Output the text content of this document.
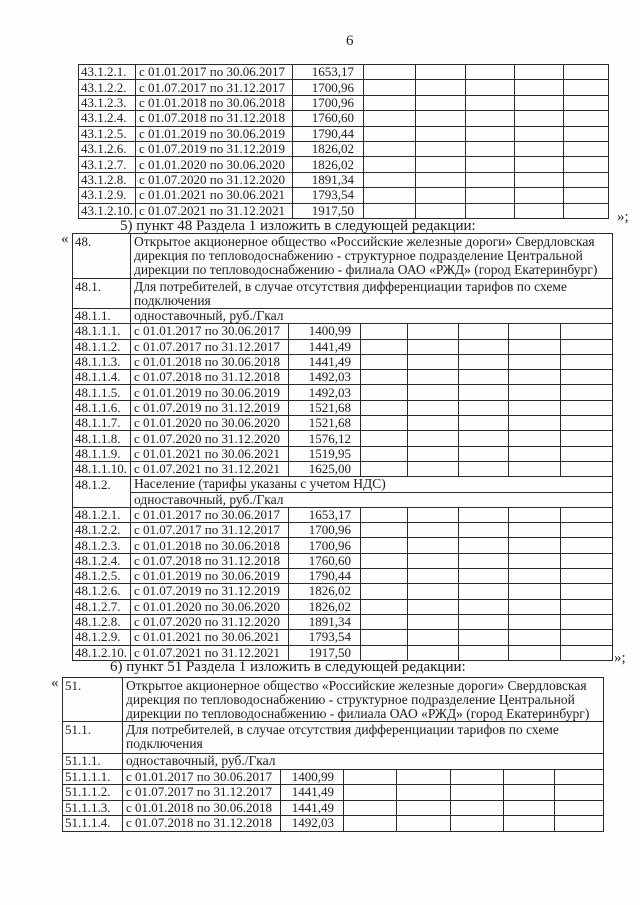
6
43.1.2.1.	с 01.01.2017 по 30.06.2017	1653,17					
43.1.2.2.	с 01.07.2017 по 31.12.2017	1700,96					
43.1.2.3.	с 01.01.2018 по 30.06.2018	1700,96					
43.1.2.4.	с 01.07.2018 по 31.12.2018	1760,60					
43.1.2.5.	с 01.01.2019 по 30.06.2019	1790,44					
43.1.2.6.	с 01.07.2019 по 31.12.2019	1826,02					
43.1.2.7.	с 01.01.2020 по 30.06.2020	1826,02					
43.1.2.8.	с 01.07.2020 по 31.12.2020	1891,34					
43.1.2.9.	с 01.01.2021 по 30.06.2021	1793,54					
43.1.2.10.	с 01.07.2021 по 31.12.2021	1917,50						»;
5) пункт 48 Раздела 1 изложить в следующей редакции:
« 48.	Открытое акционерное общество «Российские железные дороги» Свердловская
дирекция по тепловодоснабжению - структурное подразделение Центральной
дирекции по тепловодоснабжению - филиала ОАО «РЖД» (город Екатеринбург)						

48.1.	Для потребителей, в случае отсутствия дифференциации тарифов по схеме
подключения						

48.1.1.	одноставочный, руб./Гкал						

48.1.1.1.	с 01.01.2017 по 30.06.2017	1400,99					
48.1.1.2.	с 01.07.2017 по 31.12.2017	1441,49					
48.1.1.3.	с 01.01.2018 по 30.06.2018	1441,49					
48.1.1.4.	с 01.07.2018 по 31.12.2018	1492,03					
48.1.1.5.	с 01.01.2019 по 30.06.2019	1492,03					
48.1.1.6.	с 01.07.2019 по 31.12.2019	1521,68					
48.1.1.7.	с 01.01.2020 по 30.06.2020	1521,68					
48.1.1.8.	с 01.07.2020 по 31.12.2020	1576,12					
48.1.1.9.	с 01.01.2021 по 30.06.2021	1519,95					
48.1.1.10.	с 01.07.2021 по 31.12.2021	1625,00					
48.1.2.	Население (тарифы указаны с учетом НДС)						

	одноставочный, руб./Гкал						

48.1.2.1.	с 01.01.2017 по 30.06.2017	1653,17					
48.1.2.2.	с 01.07.2017 по 31.12.2017	1700,96					
48.1.2.3.	с 01.01.2018 по 30.06.2018	1700,96					
48.1.2.4.	с 01.07.2018 по 31.12.2018	1760,60					
48.1.2.5.	с 01.01.2019 по 30.06.2019	1790,44					
48.1.2.6.	с 01.07.2019 по 31.12.2019	1826,02					
48.1.2.7.	с 01.01.2020 по 30.06.2020	1826,02					
48.1.2.8.	с 01.07.2020 по 31.12.2020	1891,34					
48.1.2.9.	с 01.01.2021 по 30.06.2021	1793,54					
48.1.2.10.	с 01.07.2021 по 31.12.2021	1917,50						»;
6) пункт 51 Раздела 1 изложить в следующей редакции:
« 51.	Открытое акционерное общество «Российские железные дороги» Свердловская
дирекция по тепловодоснабжению - структурное подразделение Центральной
дирекции по тепловодоснабжению - филиала ОАО «РЖД» (город Екатеринбург)						

51.1.	Для потребителей, в случае отсутствия дифференциации тарифов по схеме
подключения						

51.1.1.	одноставочный, руб./Гкал						

51.1.1.1.	с 01.01.2017 по 30.06.2017	1400,99					
51.1.1.2.	с 01.07.2017 по 31.12.2017	1441,49					
51.1.1.3.	с 01.01.2018 по 30.06.2018	1441,49					
51.1.1.4.	с 01.07.2018 по 31.12.2018	1492,03					
